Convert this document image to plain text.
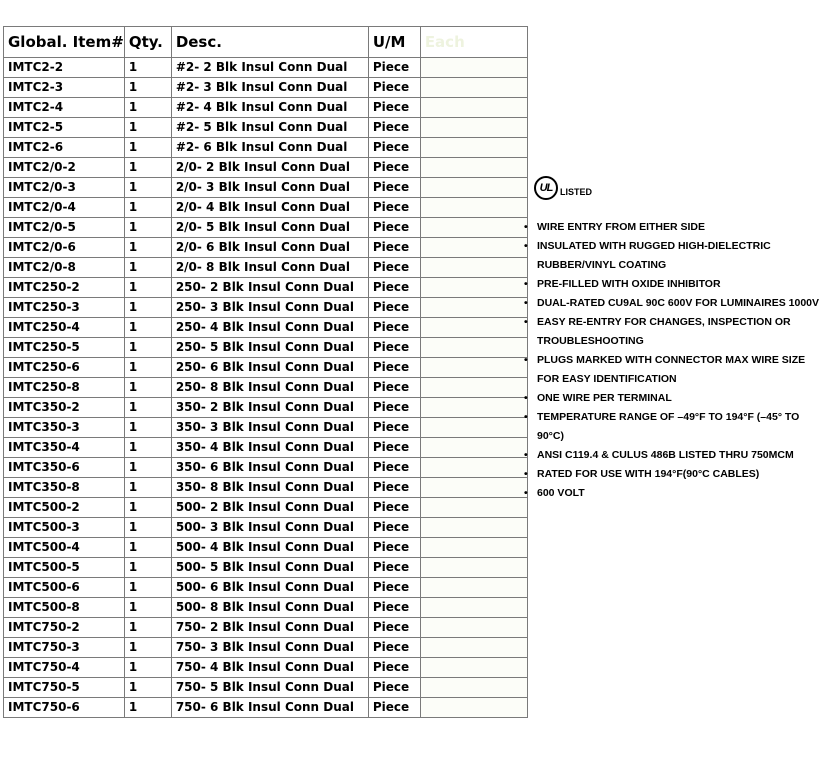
Global. Item#	Qty.	Desc.	U/M	Each
IMTC2-2	1	#2- 2 Blk Insul Conn Dual	Piece	
IMTC2-3	1	#2- 3 Blk Insul Conn Dual	Piece	
IMTC2-4	1	#2- 4 Blk Insul Conn Dual	Piece	
IMTC2-5	1	#2- 5 Blk Insul Conn Dual	Piece	
IMTC2-6	1	#2- 6 Blk Insul Conn Dual	Piece	
IMTC2/0-2	1	2/0- 2 Blk Insul Conn Dual	Piece	
IMTC2/0-3	1	2/0- 3 Blk Insul Conn Dual	Piece	
IMTC2/0-4	1	2/0- 4 Blk Insul Conn Dual	Piece	
IMTC2/0-5	1	2/0- 5 Blk Insul Conn Dual	Piece	
IMTC2/0-6	1	2/0- 6 Blk Insul Conn Dual	Piece	
IMTC2/0-8	1	2/0- 8 Blk Insul Conn Dual	Piece	
IMTC250-2	1	250- 2 Blk Insul Conn Dual	Piece	
IMTC250-3	1	250- 3 Blk Insul Conn Dual	Piece	
IMTC250-4	1	250- 4 Blk Insul Conn Dual	Piece	
IMTC250-5	1	250- 5 Blk Insul Conn Dual	Piece	
IMTC250-6	1	250- 6 Blk Insul Conn Dual	Piece	
IMTC250-8	1	250- 8 Blk Insul Conn Dual	Piece	
IMTC350-2	1	350- 2 Blk Insul Conn Dual	Piece	
IMTC350-3	1	350- 3 Blk Insul Conn Dual	Piece	
IMTC350-4	1	350- 4 Blk Insul Conn Dual	Piece	
IMTC350-6	1	350- 6 Blk Insul Conn Dual	Piece	
IMTC350-8	1	350- 8 Blk Insul Conn Dual	Piece	
IMTC500-2	1	500- 2 Blk Insul Conn Dual	Piece	
IMTC500-3	1	500- 3 Blk Insul Conn Dual	Piece	
IMTC500-4	1	500- 4 Blk Insul Conn Dual	Piece	
IMTC500-5	1	500- 5 Blk Insul Conn Dual	Piece	
IMTC500-6	1	500- 6 Blk Insul Conn Dual	Piece	
IMTC500-8	1	500- 8 Blk Insul Conn Dual	Piece	
IMTC750-2	1	750- 2 Blk Insul Conn Dual	Piece	
IMTC750-3	1	750- 3 Blk Insul Conn Dual	Piece	
IMTC750-4	1	750- 4 Blk Insul Conn Dual	Piece	
IMTC750-5	1	750- 5 Blk Insul Conn Dual	Piece	
IMTC750-6	1	750- 6 Blk Insul Conn Dual	Piece	
UL LISTED
• WIRE ENTRY FROM EITHER SIDE
• INSULATED WITH RUGGED HIGH-DIELECTRIC RUBBER/VINYL COATING
• PRE-FILLED WITH OXIDE INHIBITOR
• DUAL-RATED CU9AL 90C 600V FOR LUMINAIRES 1000V
• EASY RE-ENTRY FOR CHANGES, INSPECTION OR TROUBLESHOOTING
• PLUGS MARKED WITH CONNECTOR MAX WIRE SIZE FOR EASY IDENTIFICATION
• ONE WIRE PER TERMINAL
• TEMPERATURE RANGE OF –49°F TO 194°F (–45° TO 90°C)
• ANSI C119.4 & CULUS 486B LISTED THRU 750MCM
• RATED FOR USE WITH 194°F(90°C CABLES)
• 600 VOLT
